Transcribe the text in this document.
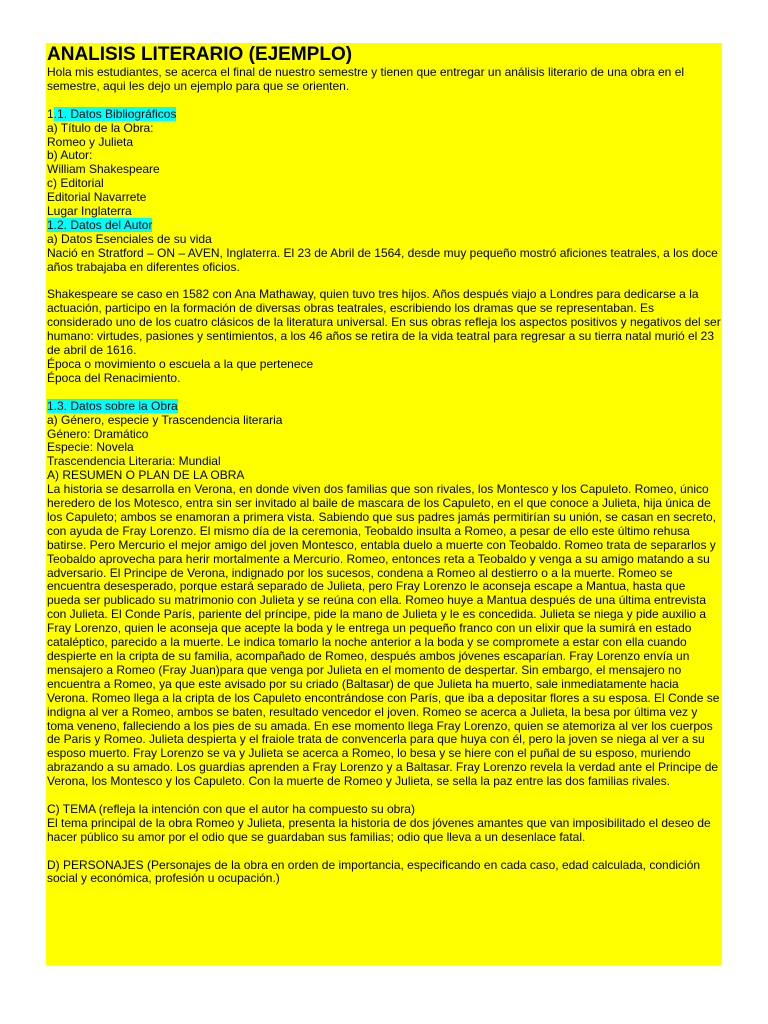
ANALISIS LITERARIO (EJEMPLO)
Hola mis estudiantes, se acerca el final de nuestro semestre y tienen que entregar un análisis literario de una obra en el semestre, aqui les dejo un ejemplo para que se orienten.
1.1. Datos Bibliográficos
a) Título de la Obra:
Romeo y Julieta
b) Autor:
William Shakespeare
c) Editorial
Editorial Navarrete
Lugar Inglaterra
1.2. Datos del Autor
a) Datos Esenciales de su vida
Nació en Stratford – ON – AVEN, Inglaterra. El 23 de Abril de 1564, desde muy pequeño mostró aficiones teatrales, a los doce años trabajaba en diferentes oficios.
Shakespeare se caso en 1582 con Ana Mathaway, quien tuvo tres hijos. Años después viajo a Londres para dedicarse a la actuación, participo en la formación de diversas obras teatrales, escribiendo los dramas que se representaban. Es considerado uno de los cuatro clásicos de la literatura universal. En sus obras refleja los aspectos positivos y negativos del ser humano: virtudes, pasiones y sentimientos, a los 46 años se retira de la vida teatral para regresar a su tierra natal murió el 23 de abril de 1616.
Época o movimiento o escuela a la que pertenece
Época del Renacimiento.
1.3. Datos sobre la Obra
a) Género, especie y Trascendencia literaria
Género: Dramático
Especie: Novela
Trascendencia Literaria: Mundial
A) RESUMEN O PLAN DE LA OBRA
La historia se desarrolla en Verona, en donde viven dos familias que son rivales, los Montesco y los Capuleto. Romeo, único heredero de los Motesco, entra sin ser invitado al baile de mascara de los Capuleto, en el que conoce a Julieta, hija única de los Capuleto; ambos se enamoran a primera vista. Sabiendo que sus padres jamás permitirían su unión, se casan en secreto, con ayuda de Fray Lorenzo. El mismo día de la ceremonia, Teobaldo insulta a Romeo, a pesar de ello este último rehusa batirse. Pero Mercurio el mejor amigo del joven Montesco, entabla duelo a muerte con Teobaldo. Romeo trata de separarlos y Teobaldo aprovecha para herir mortalmente a Mercurio. Romeo, entonces reta a Teobaldo y venga a su amigo matando a su adversario. El Principe de Verona, indignado por los sucesos, condena a Romeo al destierro o a la muerte. Romeo se encuentra desesperado, porque estará separado de Julieta, pero Fray Lorenzo le aconseja escape a Mantua, hasta que pueda ser publicado su matrimonio con Julieta y se reúna con ella. Romeo huye a Mantua después de una última entrevista con Julieta. El Conde París, pariente del príncipe, pide la mano de Julieta y le es concedida. Julieta se niega y pide auxilio a Fray Lorenzo, quien le aconseja que acepte la boda y le entrega un pequeño franco con un elixir que la sumirá en estado cataléptico, parecido a la muerte. Le indica tomarlo la noche anterior a la boda y se compromete a estar con ella cuando despierte en la cripta de su familia, acompañado de Romeo, después ambos jóvenes escaparían. Fray Lorenzo envía un mensajero a Romeo (Fray Juan)para que venga por Julieta en el momento de despertar. Sin embargo, el mensajero no encuentra a Romeo, ya que este avisado por su criado (Baltasar) de que Julieta ha muerto, sale inmediatamente hacia Verona. Romeo llega a la cripta de los Capuleto encontrándose con París, que iba a depositar flores a su esposa. El Conde se indigna al ver a Romeo, ambos se baten, resultado vencedor el joven. Romeo se acerca a Julieta, la besa por última vez y toma veneno, falleciendo a los pies de su amada. En ese momento llega Fray Lorenzo, quien se atemoriza al ver los cuerpos de Paris y Romeo. Julieta despierta y el fraiole trata de convencerla para que huya con él, pero la joven se niega al ver a su esposo muerto. Fray Lorenzo se va y Julieta se acerca a Romeo, lo besa y se hiere con el puñal de su esposo, muriendo abrazando a su amado. Los guardias aprenden a Fray Lorenzo y a Baltasar. Fray Lorenzo revela la verdad ante el Principe de Verona, los Montesco y los Capuleto. Con la muerte de Romeo y Julieta, se sella la paz entre las dos familias rivales.
C) TEMA (refleja la intención con que el autor ha compuesto su obra)
El tema principal de la obra Romeo y Julieta, presenta la historia de dos jóvenes amantes que van imposibilitado el deseo de hacer público su amor por el odio que se guardaban sus familias; odio que lleva a un desenlace fatal.
D) PERSONAJES (Personajes de la obra en orden de importancia, especificando en cada caso, edad calculada, condición social y económica, profesión u ocupación.)
